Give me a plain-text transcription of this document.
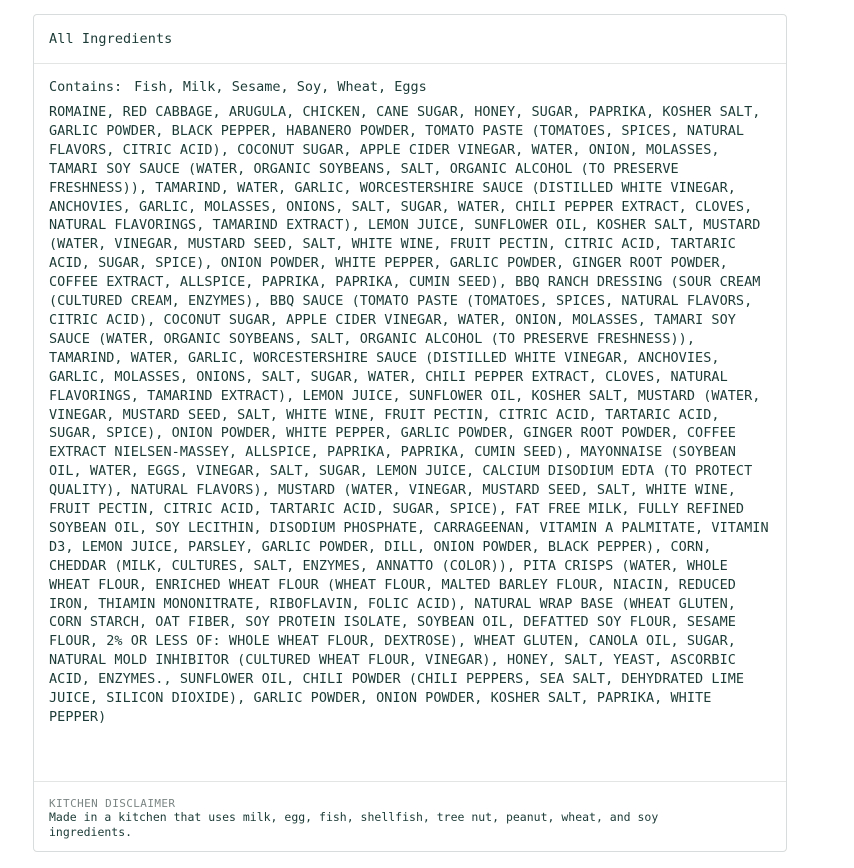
All Ingredients
Contains: Fish, Milk, Sesame, Soy, Wheat, Eggs

ROMAINE, RED CABBAGE, ARUGULA, CHICKEN, CANE SUGAR, HONEY, SUGAR, PAPRIKA, KOSHER SALT, GARLIC POWDER, BLACK PEPPER, HABANERO POWDER, TOMATO PASTE (TOMATOES, SPICES, NATURAL FLAVORS, CITRIC ACID), COCONUT SUGAR, APPLE CIDER VINEGAR, WATER, ONION, MOLASSES, TAMARI SOY SAUCE (WATER, ORGANIC SOYBEANS, SALT, ORGANIC ALCOHOL (TO PRESERVE FRESHNESS)), TAMARIND, WATER, GARLIC, WORCESTERSHIRE SAUCE (DISTILLED WHITE VINEGAR, ANCHOVIES, GARLIC, MOLASSES, ONIONS, SALT, SUGAR, WATER, CHILI PEPPER EXTRACT, CLOVES, NATURAL FLAVORINGS, TAMARIND EXTRACT), LEMON JUICE, SUNFLOWER OIL, KOSHER SALT, MUSTARD (WATER, VINEGAR, MUSTARD SEED, SALT, WHITE WINE, FRUIT PECTIN, CITRIC ACID, TARTARIC ACID, SUGAR, SPICE), ONION POWDER, WHITE PEPPER, GARLIC POWDER, GINGER ROOT POWDER, COFFEE EXTRACT, ALLSPICE, PAPRIKA, PAPRIKA, CUMIN SEED), BBQ RANCH DRESSING (SOUR CREAM (CULTURED CREAM, ENZYMES), BBQ SAUCE (TOMATO PASTE (TOMATOES, SPICES, NATURAL FLAVORS, CITRIC ACID), COCONUT SUGAR, APPLE CIDER VINEGAR, WATER, ONION, MOLASSES, TAMARI SOY SAUCE (WATER, ORGANIC SOYBEANS, SALT, ORGANIC ALCOHOL (TO PRESERVE FRESHNESS)), TAMARIND, WATER, GARLIC, WORCESTERSHIRE SAUCE (DISTILLED WHITE VINEGAR, ANCHOVIES, GARLIC, MOLASSES, ONIONS, SALT, SUGAR, WATER, CHILI PEPPER EXTRACT, CLOVES, NATURAL FLAVORINGS, TAMARIND EXTRACT), LEMON JUICE, SUNFLOWER OIL, KOSHER SALT, MUSTARD (WATER, VINEGAR, MUSTARD SEED, SALT, WHITE WINE, FRUIT PECTIN, CITRIC ACID, TARTARIC ACID, SUGAR, SPICE), ONION POWDER, WHITE PEPPER, GARLIC POWDER, GINGER ROOT POWDER, COFFEE EXTRACT NIELSEN-MASSEY, ALLSPICE, PAPRIKA, PAPRIKA, CUMIN SEED), MAYONNAISE (SOYBEAN OIL, WATER, EGGS, VINEGAR, SALT, SUGAR, LEMON JUICE, CALCIUM DISODIUM EDTA (TO PROTECT QUALITY), NATURAL FLAVORS), MUSTARD (WATER, VINEGAR, MUSTARD SEED, SALT, WHITE WINE, FRUIT PECTIN, CITRIC ACID, TARTARIC ACID, SUGAR, SPICE), FAT FREE MILK, FULLY REFINED SOYBEAN OIL, SOY LECITHIN, DISODIUM PHOSPHATE, CARRAGEENAN, VITAMIN A PALMITATE, VITAMIN D3, LEMON JUICE, PARSLEY, GARLIC POWDER, DILL, ONION POWDER, BLACK PEPPER), CORN, CHEDDAR (MILK, CULTURES, SALT, ENZYMES, ANNATTO (COLOR)), PITA CRISPS (WATER, WHOLE WHEAT FLOUR, ENRICHED WHEAT FLOUR (WHEAT FLOUR, MALTED BARLEY FLOUR, NIACIN, REDUCED IRON, THIAMIN MONONITRATE, RIBOFLAVIN, FOLIC ACID), NATURAL WRAP BASE (WHEAT GLUTEN, CORN STARCH, OAT FIBER, SOY PROTEIN ISOLATE, SOYBEAN OIL, DEFATTED SOY FLOUR, SESAME FLOUR, 2% OR LESS OF: WHOLE WHEAT FLOUR, DEXTROSE), WHEAT GLUTEN, CANOLA OIL, SUGAR, NATURAL MOLD INHIBITOR (CULTURED WHEAT FLOUR, VINEGAR), HONEY, SALT, YEAST, ASCORBIC ACID, ENZYMES., SUNFLOWER OIL, CHILI POWDER (CHILI PEPPERS, SEA SALT, DEHYDRATED LIME JUICE, SILICON DIOXIDE), GARLIC POWDER, ONION POWDER, KOSHER SALT, PAPRIKA, WHITE PEPPER)

KITCHEN DISCLAIMER
Made in a kitchen that uses milk, egg, fish, shellfish, tree nut, peanut, wheat, and soy ingredients.
